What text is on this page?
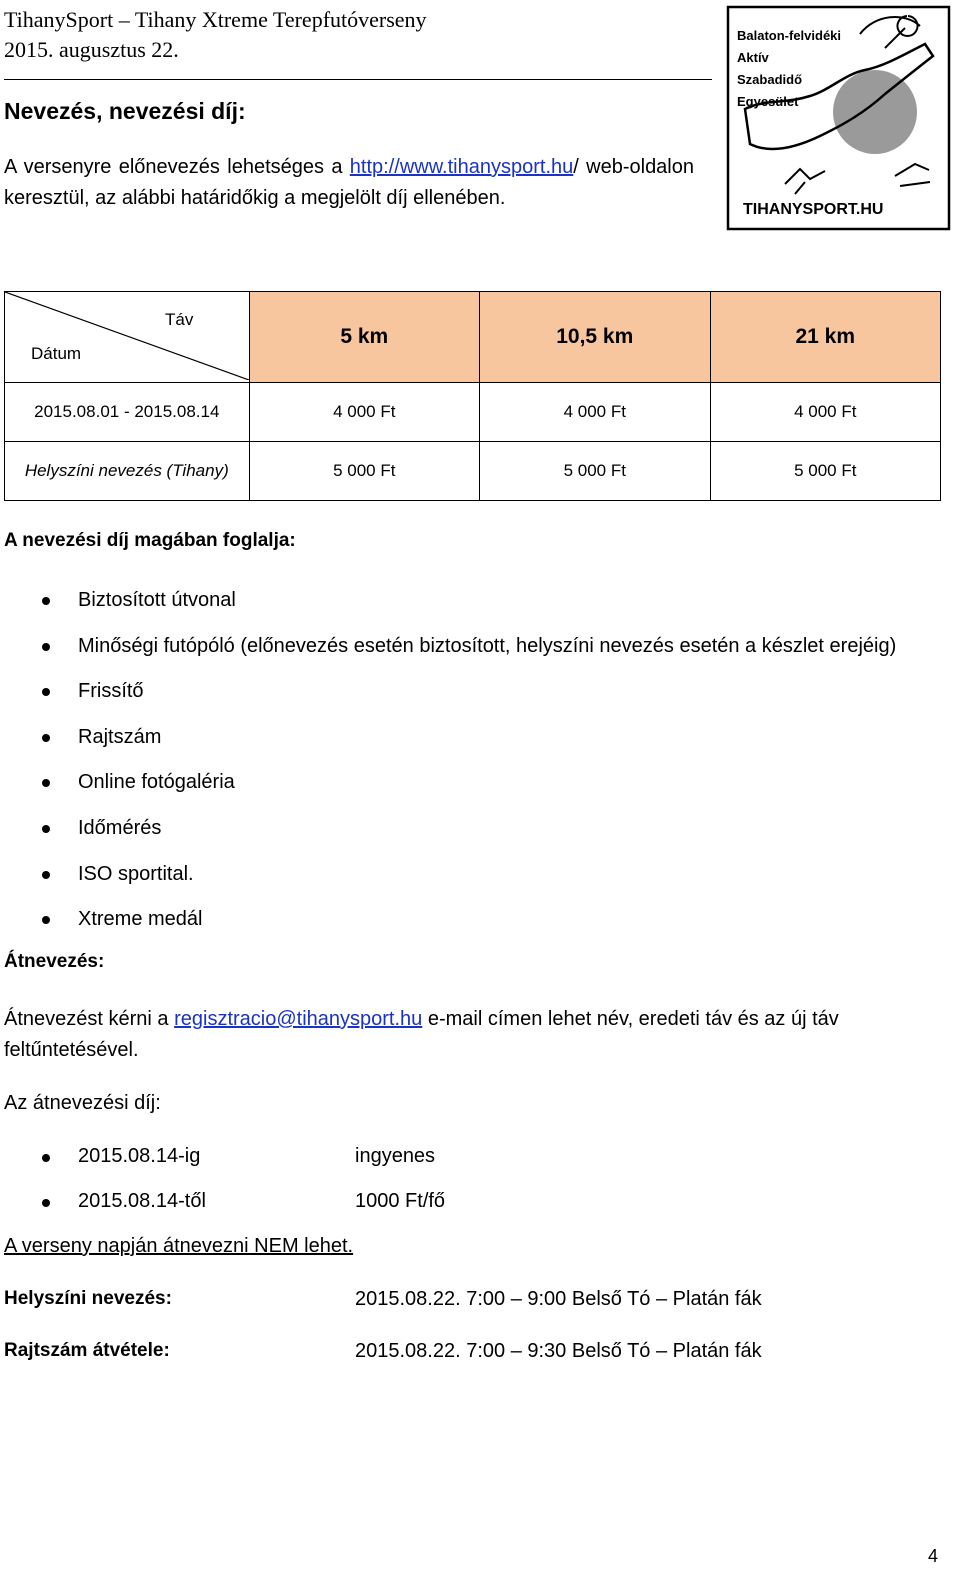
TihanySport – Tihany Xtreme Terepfutóverseny
2015. augusztus 22.
Balaton-felvidéki
Aktív
Szabadidő
Egyesület
TIHANYSPORT.HU
Nevezés, nevezési díj:
A versenyre előnevezés lehetséges a http://www.tihanysport.hu/ web-oldalon keresztül, az alábbi határidőkig a megjelölt díj ellenében.
Táv
Dátum	5 km	10,5 km	21 km
2015.08.01 - 2015.08.14	4 000 Ft	4 000 Ft	4 000 Ft
Helyszíni nevezés (Tihany)	5 000 Ft	5 000 Ft	5 000 Ft
A nevezési díj magában foglalja:
Biztosított útvonal
Minőségi futópóló (előnevezés esetén biztosított, helyszíni nevezés esetén a készlet erejéig)
Frissítő
Rajtszám
Online fotógaléria
Időmérés
ISO sportital.
Xtreme medál
Átnevezés:
Átnevezést kérni a regisztracio@tihanysport.hu e-mail címen lehet név, eredeti táv és az új táv feltűntetésével.
Az átnevezési díj:
2015.08.14-ig	ingyenes
2015.08.14-től	1000 Ft/fő
A verseny napján átnevezni NEM lehet.
Helyszíni nevezés:	2015.08.22. 7:00 – 9:00 Belső Tó – Platán fák
Rajtszám átvétele:	2015.08.22. 7:00 – 9:30 Belső Tó – Platán fák
4
